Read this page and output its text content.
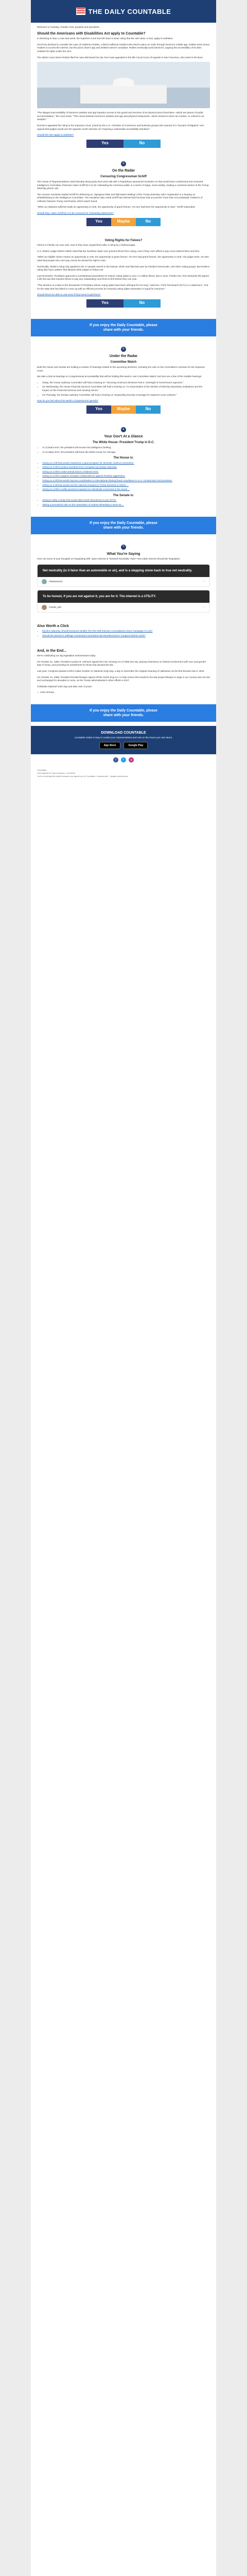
THE DAILY COUNTABLE

Welcome to Tuesday, October 31st, greatest and spookiest...

Should the Americans with Disabilities Act apply to Countable?

In declining to hear a case last week, the Supreme Court has left intact a lower ruling that the ADA does, in fact, apply to websites.

SCOTUS declined to consider the case of Guillermo Robles, a blind California resident who tried to place an order through Domino's mobile app. Robles uses screen readers to access the internet, but the pizza chain's app and website weren't compliant. Robles eventually sued Domino's, arguing the accessibility of its sites violated his rights under the ADA.

The district court where Robles filed his case dismissed his suit, but it was appealed to the 9th Circuit Court of Appeals in San Francisco, who ruled in his favor.

"The alleged inaccessibility of Domino's website and app impedes access to the goods and services of its physical pizza franchises—which are places of public accommodation," the court wrote. "This nexus between Domino's website and app and physical restaurants—which Domino's does not contest—is critical to our analysis."

Domino's appealed the ruling to the Supreme Court, joined by the U.S. Chamber of Commerce and business groups who warned of a "tsunami of litigation" and argued that judges would use the appeals court's decision as "requiring a nationwide accessibility standard."

Should the ADA apply to websites?

Yes	No
◎
On the Radar
Censuring Congressman Schiff

The House of Representatives voted Monday along party lines (218-185 with 4 Republican sponsored resolution on that would have condemned and censured Intelligence Committee Chairman Adam Schiff (D-CA) for misleading the American public in a series of stage, most notably, reading a contrived version of the Trump-Zelensky phone call.

The censure resolution faulted Schiff for delivering an "egregious false and fabricated retelling" of the Trump-Zelensky call in September in a hearing on whistleblowing in the Intelligence Committee. The resolution also noted Schiff had claimed that his team had uncovered "more than circumstantial" evidence of collusion between Trump and Russia, which wasn't found.

"When an elephant suffered reads an opportunity to rank, the opportunity of grand fortune. It's ever had been the opportunity to rank," Schiff responded.

Should Rep. Adam Schiff (D-CA) be censured for misleading statements?

Yes	Maybe	No
Voting Rights for Felons?

Felons in Florida can now vote, even if they have unpaid fines after a ruling by a federal judge.

U.S. District Judge Robert Hinkle ruled that the Sunshine State can't prevent felons from voting, even if they can't afford to pay court-ordered fines and fees.

"When an eligible citizen means an opportunity to vote, the opportunity to grant fortune. It's ever had grand fortune. the opportunity to rank," the judge wrote. He also ruled that people who can't pay cannot be denied the right to vote.

Technically, Hinkle's ruling only applied to the 17 people named in the lawsuit, which was filed last year by Florida's Democratic, and other voting groups. But Hinkle's ruling also had a pattern that allowed other judges to follow suit.

Last November, Floridians approved a constitutional amendment to restore voting rights to over 1.4 million felons. But in June, Florida Gov. Ron DeSantis (R) signed a bill into law that requires felons to pay any outstanding court fines to first before they can vote.

"This decision is a blow to the thousands of Floridians whose voting rights have been infringed for too long," said Sen. Chris Ted Deutch (D-FL) in a statement. "And for the state that has failed to come up with an efficient process for ensuring voting rights restoration is equal for everyone."

Should felons be able to vote even if they haven't paid fines?

Yes	No
If you enjoy the Daily Countable, please
share with your friends.
◎
Under the Radar
Committee Watch

Both the House and Senate are holding a number of hearings related to the upcoming elections, including the vote on the Committee's nominee for the Supreme Court.

We take a look at hearings on Congressional accountability that will be holding this week in one Committee Watch, but here are a few of the notable hearings:

• Today, the House Judiciary Committee will hold a hearing on "Securing America's Elections Part II: Oversight of Government Agencies."
• On Wednesday, the House Financial Services Committee will hold a hearing on "An Examination of the Decline of Minority Depository Institutions and the Impact on the Financial Services and Housing Sector."
• On Thursday, the Senate Judiciary Committee will hold a hearing on "Expanding Security Coverage for Supreme Court Justices."

How do you feel about this week's Congressional agenda?

Yes	Maybe	No
▲
Your Gov't At a Glance
The White House: President Trump in D.C.
• At 11:00am EST, the president will receive his intelligence briefing.
• At 12:30pm EST, the president will leave the White House for Chicago.
The House is:
• Voting on a bill that would reauthorize a grant program for domestic violence prevention.
• Voting on a bill to protect members from corruption by foreign nationals.
• Voting on a bill to make animal torture a federal crime.
• Voting on a bill to support Georgia's independence against Russian aggression.
• Voting on a bill that would improve coordination in international sharing fraud compliance in U.S. criminal and civil procedure.
• Voting on a bill that would end the national emergency Trump declared to reform ...
• Voting on a bill to codify sanctions imposed on individuals connected to the Saudi ...
The Senate is:
• Voting to ratify a treaty that would allow North Macedonia to join NATO.
• Taking a procedural vote on the nomination of Andrew Wheeling to serve as ...
If you enjoy the Daily Countable, please
share with your friends.
✎
What You're Saying

Here are some of your thoughts on Regulating Wifi, Open Internet & "Network Neutrality" Rule? Not Cable Internet Should Be Regulated:

Net neutrality (is it fairer than an automobile or air), and is a stepping stone back to true net neutrality.
AltaSwanson	♡
To be honest, if you are not against it, you are for it. The internet is a UTILITY.
Charlie_MH	♡
Also Worth a Click
• Election Warning: Should Everyone Modify The IRS With Election Consultations Since Campaign Is Lost?
• Should the Women's Suffrage Centennial Commission Be Reauthorized In Congress Before 2020?
And, in the End...

We're celebrating our big legislative anniversaries today.

On October 31, 1966, President Lyndon B. Johnson signed the Fair Housing Act of 1966 into law, placing restrictions on federal involvement with race and gender bias in hiring, and providing for punishment for those that abused the law.

Last year, Congress passed a bill to make October 31 National Unity Day, a day to remember the original meaning of Halloween as the first became law in 1934.

On October 31, 1988, President Ronald Reagan signed off the Sarah Dog Act, to help ensure this would be the last proper lifespan in dogs in our country was not lost and unchanged for decades to come, as the Trump administration's other efforts in 2017.

Celebrate National Voter Day and take care of yours.

— Josh Herman

If you enjoy the Daily Countable, please
share with your friends.
DOWNLOAD COUNTABLE
Countable makes it easy to contact your representatives and vote on the issues you care about.
App Store	Google Play
f	t	◎
Countable
1120 Market St. San Francisco, CA 94102
You're receiving this email because you signed up for Countable. Unsubscribe · Update preferences
